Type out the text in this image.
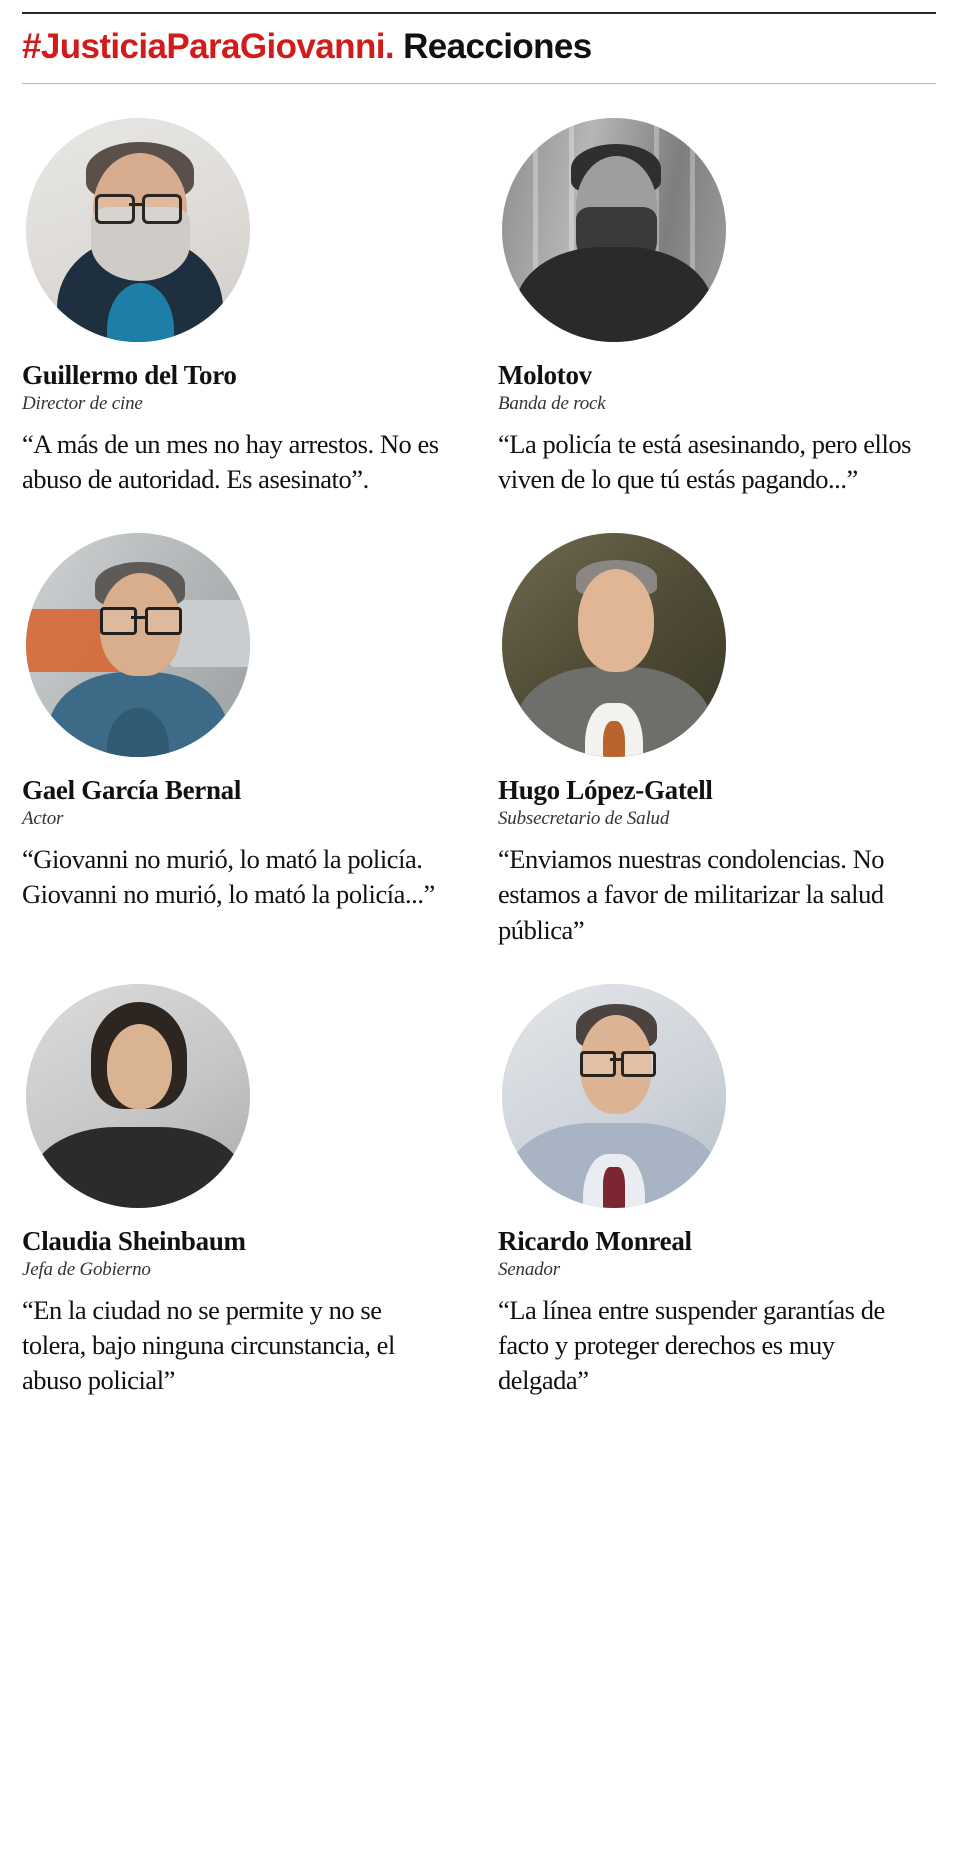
#JusticiaParaGiovanni. Reacciones
Guillermo del Toro
Director de cine
“A más de un mes no hay arrestos. No es abuso de autoridad. Es asesinato”.
Molotov
Banda de rock
“La policía te está asesinando, pero ellos viven de lo que tú estás pagando...”
Gael García Bernal
Actor
“Giovanni no murió, lo mató la policía. Giovanni no murió, lo mató la policía...”
Hugo López-Gatell
Subsecretario de Salud
“Enviamos nuestras condolencias. No estamos a favor de militarizar la salud pública”
Claudia Sheinbaum
Jefa de Gobierno
“En la ciudad no se permite y no se tolera, bajo ninguna circunstancia, el abuso policial”
Ricardo Monreal
Senador
“La línea entre suspender garantías de facto y proteger derechos es muy delgada”
